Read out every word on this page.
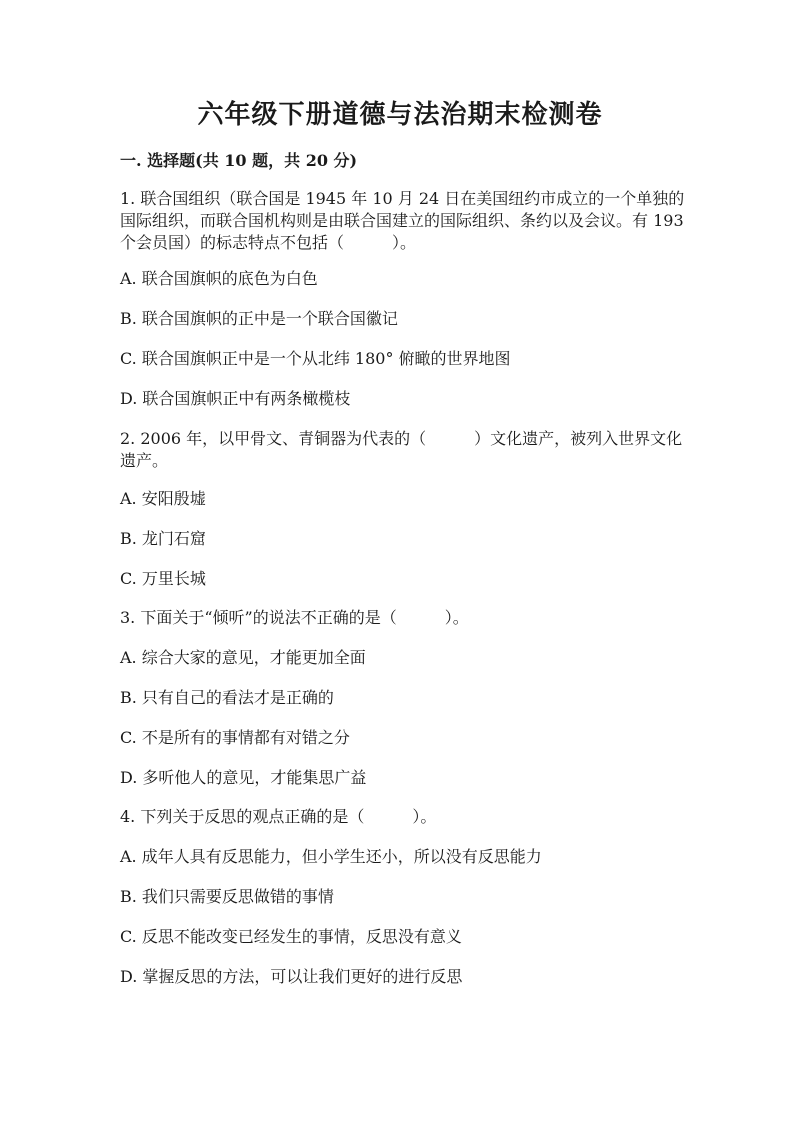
六年级下册道德与法治期末检测卷
一. 选择题(共 10 题，共 20 分)
1. 联合国组织（联合国是 1945 年 10 月 24 日在美国纽约市成立的一个单独的国际组织，而联合国机构则是由联合国建立的国际组织、条约以及会议。有 193 个会员国）的标志特点不包括（　　　）。
A. 联合国旗帜的底色为白色
B. 联合国旗帜的正中是一个联合国徽记
C. 联合国旗帜正中是一个从北纬 180° 俯瞰的世界地图
D. 联合国旗帜正中有两条橄榄枝
2. 2006 年，以甲骨文、青铜器为代表的（　　　）文化遗产，被列入世界文化遗产。
A. 安阳殷墟
B. 龙门石窟
C. 万里长城
3. 下面关于“倾听”的说法不正确的是（　　　）。
A. 综合大家的意见，才能更加全面
B. 只有自己的看法才是正确的
C. 不是所有的事情都有对错之分
D. 多听他人的意见，才能集思广益
4. 下列关于反思的观点正确的是（　　　）。
A. 成年人具有反思能力，但小学生还小，所以没有反思能力
B. 我们只需要反思做错的事情
C. 反思不能改变已经发生的事情，反思没有意义
D. 掌握反思的方法，可以让我们更好的进行反思
